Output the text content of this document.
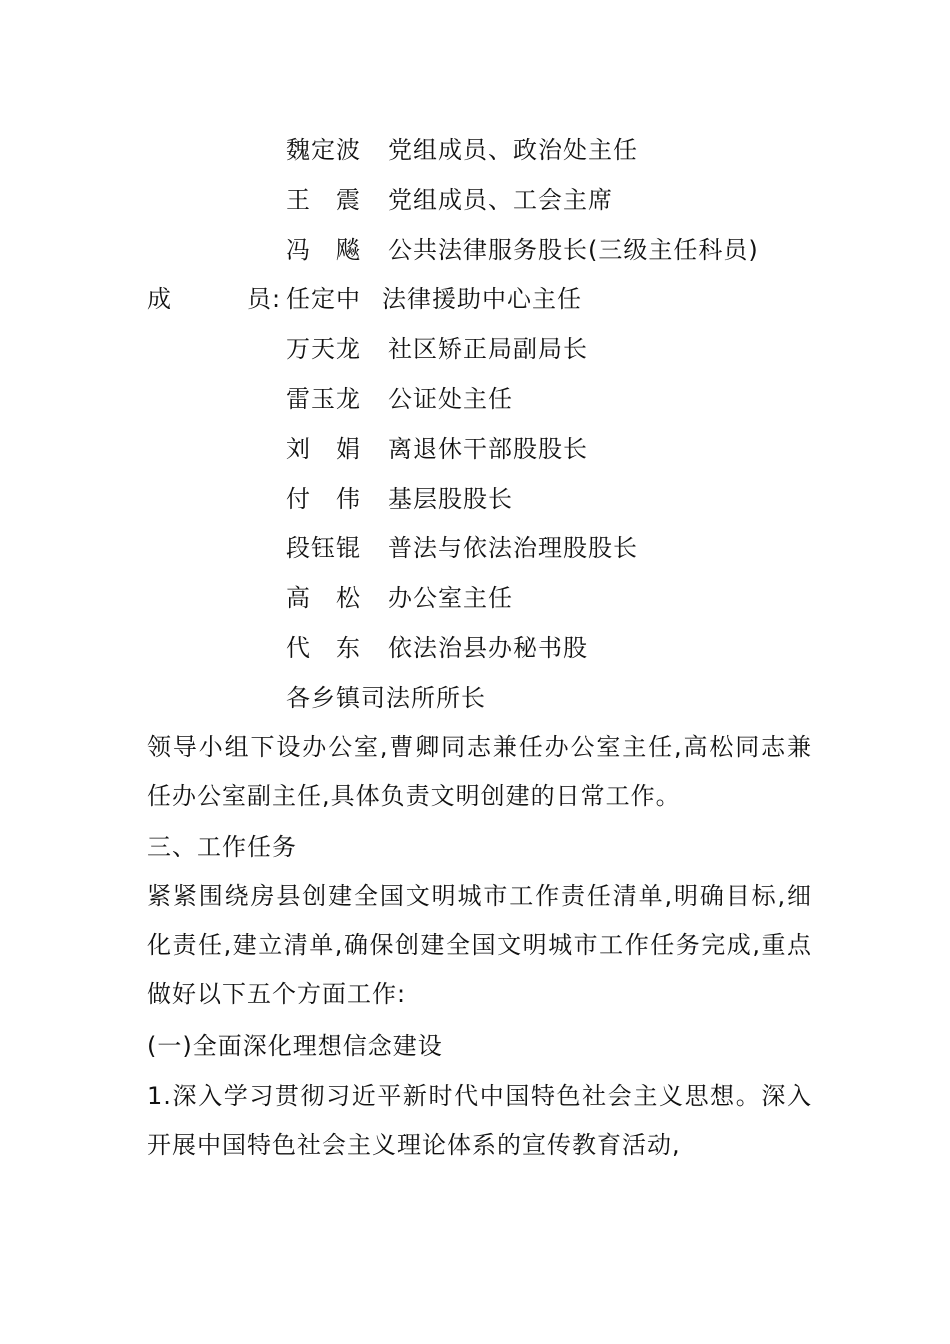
魏定波 党组成员、政治处主任
王　震 党组成员、工会主席
冯　飚 公共法律服务股长(三级主任科员)
成　　　员: 任定中 法律援助中心主任
万天龙 社区矫正局副局长
雷玉龙 公证处主任
刘　娟 离退休干部股股长
付　伟 基层股股长
段钰锟 普法与依法治理股股长
高　松 办公室主任
代　东 依法治县办秘书股
各乡镇司法所所长
领导小组下设办公室,曹卿同志兼任办公室主任,高松同志兼任办公室副主任,具体负责文明创建的日常工作。
三、工作任务
紧紧围绕房县创建全国文明城市工作责任清单,明确目标,细化责任,建立清单,确保创建全国文明城市工作任务完成,重点做好以下五个方面工作:
(一)全面深化理想信念建设
1.深入学习贯彻习近平新时代中国特色社会主义思想。深入开展中国特色社会主义理论体系的宣传教育活动,
